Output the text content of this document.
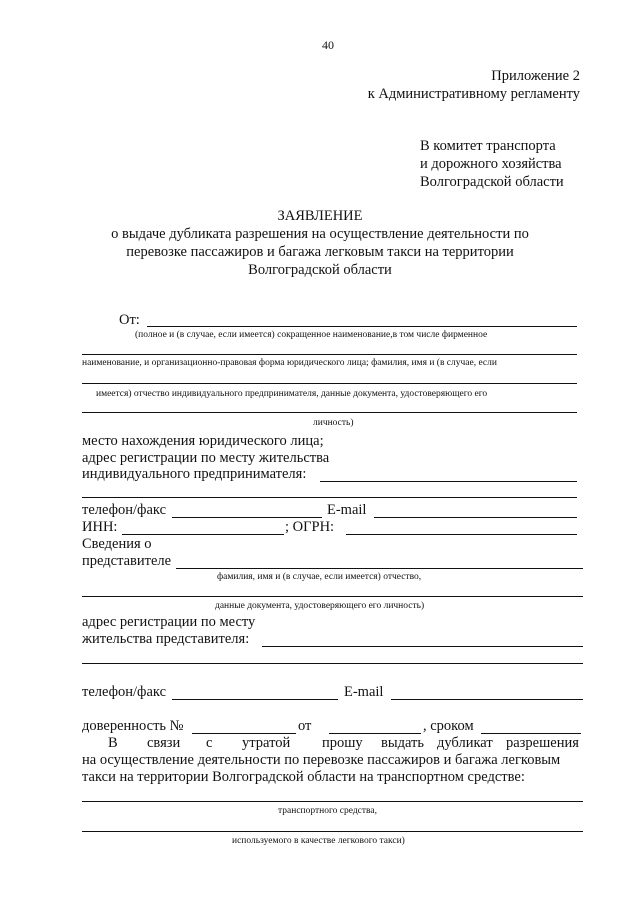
40
Приложение 2
к Административному регламенту
В комитет транспорта
и дорожного хозяйства
Волгоградской области
ЗАЯВЛЕНИЕ
о выдаче дубликата разрешения на осуществление деятельности по
перевозке пассажиров и багажа легковым такси на территории
Волгоградской области
От:
(полное и (в случае, если имеется) сокращенное наименование,в том числе фирменное
наименование, и организационно-правовая форма юридического лица; фамилия, имя и (в случае, если
имеется) отчество индивидуального предпринимателя, данные документа, удостоверяющего его
личность)
место нахождения юридического лица;
адрес регистрации по месту жительства
индивидуального предпринимателя:
телефон/факс	E-mail
ИНН:	; ОГРН:
Сведения о
представителе
фамилия, имя и (в случае, если имеется) отчество,
данные документа, удостоверяющего его личность)
адрес регистрации по месту
жительства представителя:
телефон/факс	E-mail
доверенность №	от	, сроком
В связи с утратой прошу выдать дубликат разрешения
на осуществление деятельности по перевозке пассажиров и багажа легковым
такси на территории Волгоградской области на транспортном средстве:
транспортного средства,
используемого в качестве легкового такси)
